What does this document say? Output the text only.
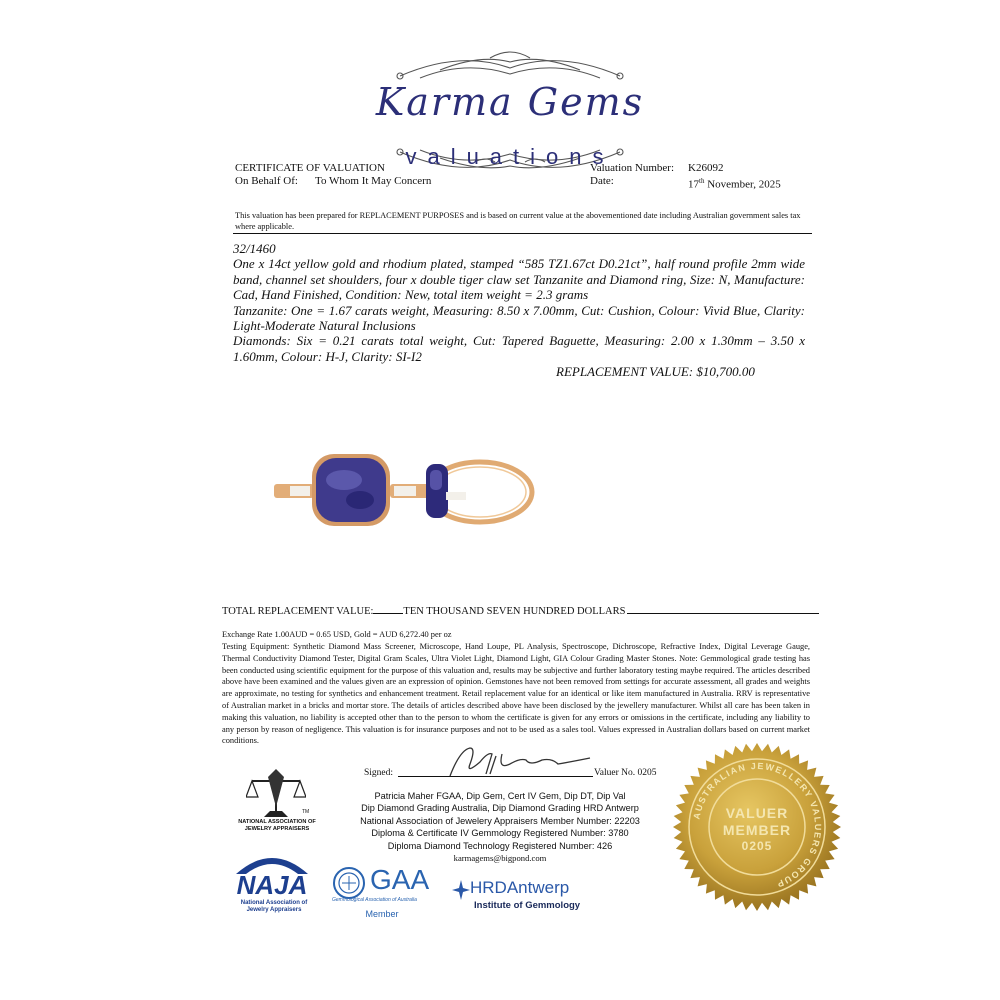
Karma Gems
valuations
CERTIFICATE OF VALUATION
On Behalf Of: To Whom It May Concern
Valuation Number: K26092
Date:	17th November, 2025
This valuation has been prepared for REPLACEMENT PURPOSES and is based on current value at the abovementioned date including Australian government sales tax where applicable.
32/1460
One x 14ct yellow gold and rhodium plated, stamped “585 TZ1.67ct D0.21ct”, half round profile 2mm wide band, channel set shoulders, four x double tiger claw set Tanzanite and Diamond ring, Size: N, Manufacture: Cad, Hand Finished, Condition: New, total item weight = 2.3 grams
Tanzanite: One = 1.67 carats weight, Measuring: 8.50 x 7.00mm, Cut: Cushion, Colour: Vivid Blue, Clarity: Light-Moderate Natural Inclusions
Diamonds: Six = 0.21 carats total weight, Cut: Tapered Baguette, Measuring: 2.00 x 1.30mm – 3.50 x 1.60mm, Colour: H-J, Clarity: SI-I2
REPLACEMENT VALUE: $10,700.00
TOTAL REPLACEMENT VALUE:	TEN THOUSAND SEVEN HUNDRED DOLLARS
Exchange Rate 1.00AUD = 0.65 USD, Gold = AUD 6,272.40 per oz
Testing Equipment: Synthetic Diamond Mass Screener, Microscope, Hand Loupe, PL Analysis, Spectroscope, Dichroscope, Refractive Index, Digital Leverage Gauge, Thermal Conductivity Diamond Tester, Digital Gram Scales, Ultra Violet Light, Diamond Light, GIA Colour Grading Master Stones. Note: Gemmological grade testing has been conducted using scientific equipment for the purpose of this valuation and, results may be subjective and further laboratory testing maybe required. The articles described above have been examined and the values given are an expression of opinion. Gemstones have not been removed from settings for accurate assessment, all grades and weights are approximate, no testing for synthetics and enhancement treatment. Retail replacement value for an identical or like item manufactured in Australia. RRV is representative of Australian market in a bricks and mortar store. The details of articles described above have been disclosed by the jewellery manufacturer. Whilst all care has been taken in making this valuation, no liability is accepted other than to the person to whom the certificate is given for any errors or omissions in the certificate, including any liability to any person by reason of negligence. This valuation is for insurance purposes and not to be used as a sales tool. Values expressed in Australian dollars based on current market conditions.
Signed:	Valuer No. 0205
Patricia Maher FGAA, Dip Gem, Cert IV Gem, Dip DT, Dip Val
Dip Diamond Grading Australia, Dip Diamond Grading HRD Antwerp
National Association of Jewelery Appraisers Member Number: 22203
Diploma & Certificate IV Gemmology Registered Number: 3780
Diploma Diamond Technology Registered Number: 426
karmagems@bigpond.com
TM
NATIONAL ASSOCIATION OF JEWELRY APPRAISERS
NAJA
National Association of Jewelry Appraisers
GAA
Gemmological Association of Australia
Member
HRDAntwerp
Institute of Gemmology
AUSTRALIAN JEWELLERY VALUERS GROUP
VALUER
MEMBER
0205
